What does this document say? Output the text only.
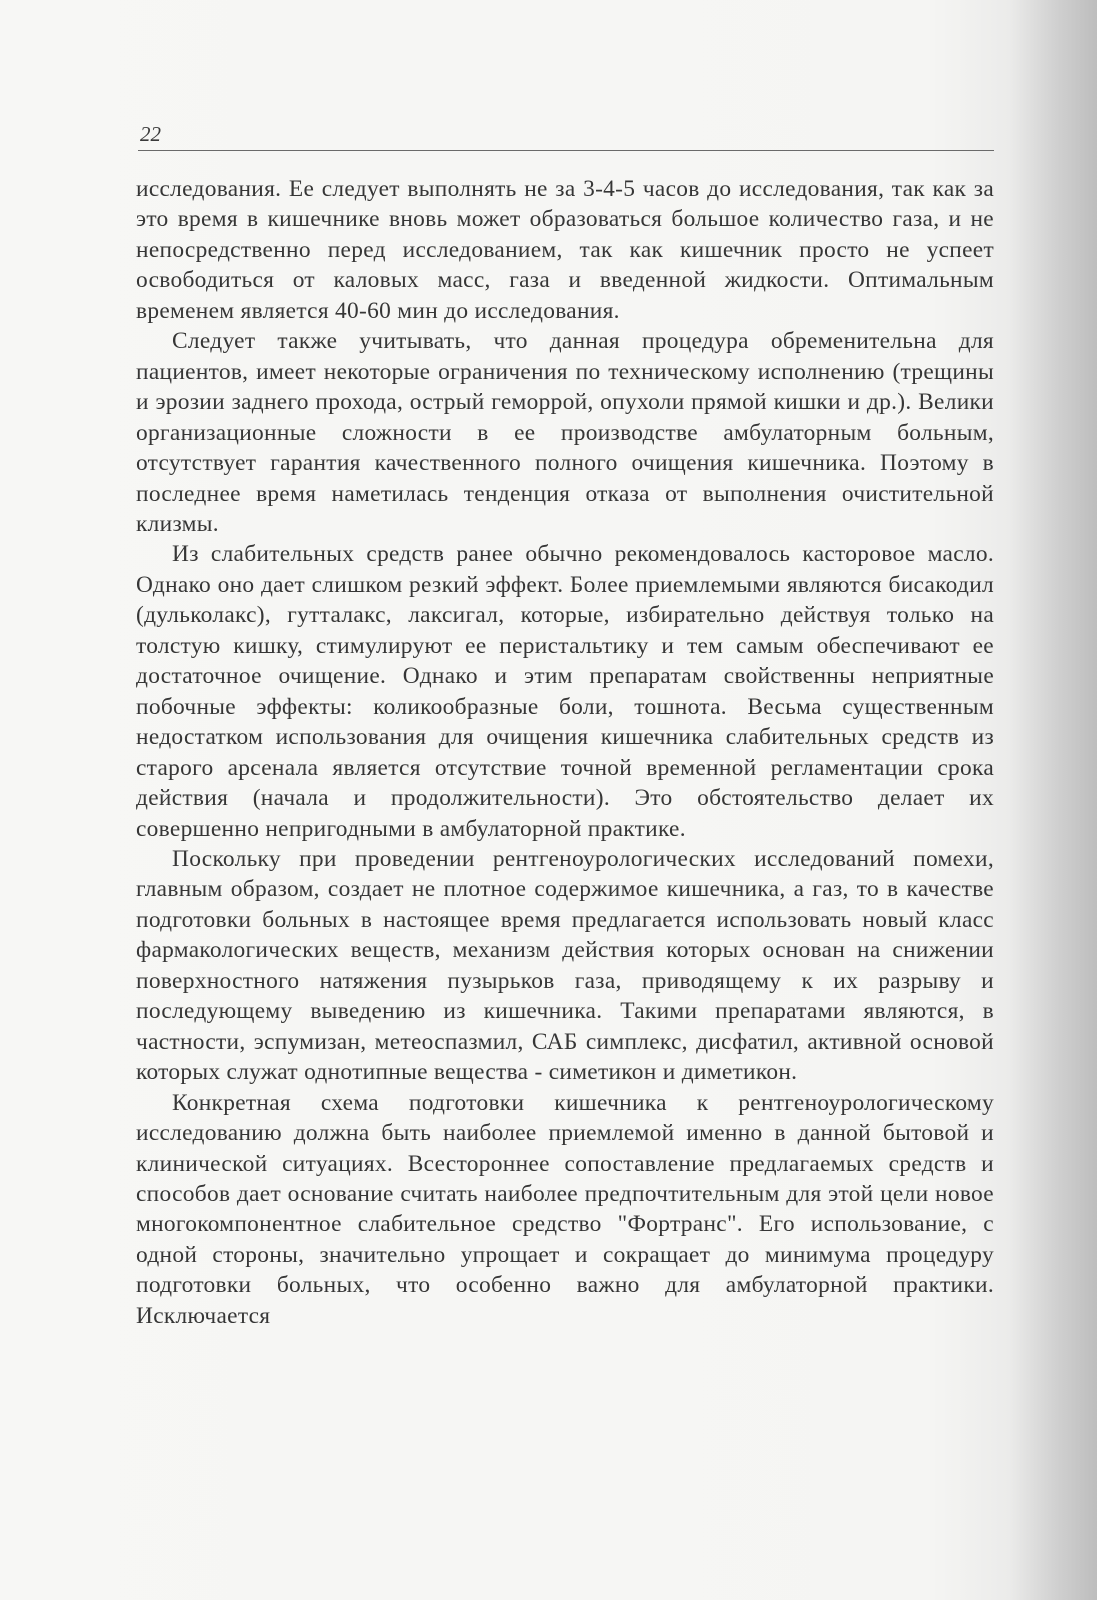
22

исследования. Ее следует выполнять не за 3-4-5 часов до исследования, так как за это время в кишечнике вновь может образоваться большое количество газа, и не непосредственно перед исследованием, так как кишечник просто не успеет освободиться от каловых масс, газа и введенной жидкости. Оптимальным временем является 40-60 мин до исследования.

Следует также учитывать, что данная процедура обременительна для пациентов, имеет некоторые ограничения по техническому исполнению (трещины и эрозии заднего прохода, острый геморрой, опухоли прямой кишки и др.). Велики организационные сложности в ее производстве амбулаторным больным, отсутствует гарантия качественного полного очищения кишечника. Поэтому в последнее время наметилась тенденция отказа от выполнения очистительной клизмы.

Из слабительных средств ранее обычно рекомендовалось касторовое масло. Однако оно дает слишком резкий эффект. Более приемлемыми являются бисакодил (дульколакс), гутталакс, лаксигал, которые, избирательно действуя только на толстую кишку, стимулируют ее перистальтику и тем самым обеспечивают ее достаточное очищение. Однако и этим препаратам свойственны неприятные побочные эффекты: коликообразные боли, тошнота. Весьма существенным недостатком использования для очищения кишечника слабительных средств из старого арсенала является отсутствие точной временной регламентации срока действия (начала и продолжительности). Это обстоятельство делает их совершенно непригодными в амбулаторной практике.

Поскольку при проведении рентгеноурологических исследований помехи, главным образом, создает не плотное содержимое кишечника, а газ, то в качестве подготовки больных в настоящее время предлагается использовать новый класс фармакологических веществ, механизм действия которых основан на снижении поверхностного натяжения пузырьков газа, приводящему к их разрыву и последующему выведению из кишечника. Такими препаратами являются, в частности, эспумизан, метеоспазмил, САБ симплекс, дисфатил, активной основой которых служат однотипные вещества - симетикон и диметикон.

Конкретная схема подготовки кишечника к рентгеноурологическому исследованию должна быть наиболее приемлемой именно в данной бытовой и клинической ситуациях. Всестороннее сопоставление предлагаемых средств и способов дает основание считать наиболее предпочтительным для этой цели новое многокомпонентное слабительное средство "Фортранс". Его использование, с одной стороны, значительно упрощает и сокращает до минимума процедуру подготовки больных, что особенно важно для амбулаторной практики. Исключается
